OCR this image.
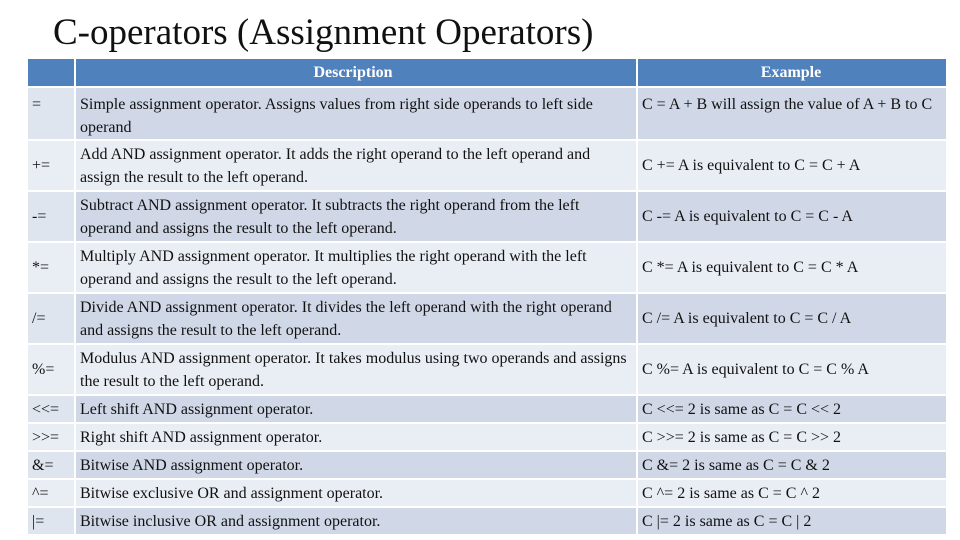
C-operators (Assignment Operators)
	Description	Example
=	Simple assignment operator. Assigns values from right side operands to left side operand	C = A + B will assign the value of A + B to C
+=	Add AND assignment operator. It adds the right operand to the left operand and assign the result to the left operand.	C += A is equivalent to C = C + A
-=	Subtract AND assignment operator. It subtracts the right operand from the left operand and assigns the result to the left operand.	C -= A is equivalent to C = C - A
*=	Multiply AND assignment operator. It multiplies the right operand with the left operand and assigns the result to the left operand.	C *= A is equivalent to C = C * A
/=	Divide AND assignment operator. It divides the left operand with the right operand and assigns the result to the left operand.	C /= A is equivalent to C = C / A
%=	Modulus AND assignment operator. It takes modulus using two operands and assigns the result to the left operand.	C %= A is equivalent to C = C % A
<<=	Left shift AND assignment operator.	C <<= 2 is same as C = C << 2
>>=	Right shift AND assignment operator.	C >>= 2 is same as C = C >> 2
&=	Bitwise AND assignment operator.	C &= 2 is same as C = C & 2
^=	Bitwise exclusive OR and assignment operator.	C ^= 2 is same as C = C ^ 2
|=	Bitwise inclusive OR and assignment operator.	C |= 2 is same as C = C | 2
